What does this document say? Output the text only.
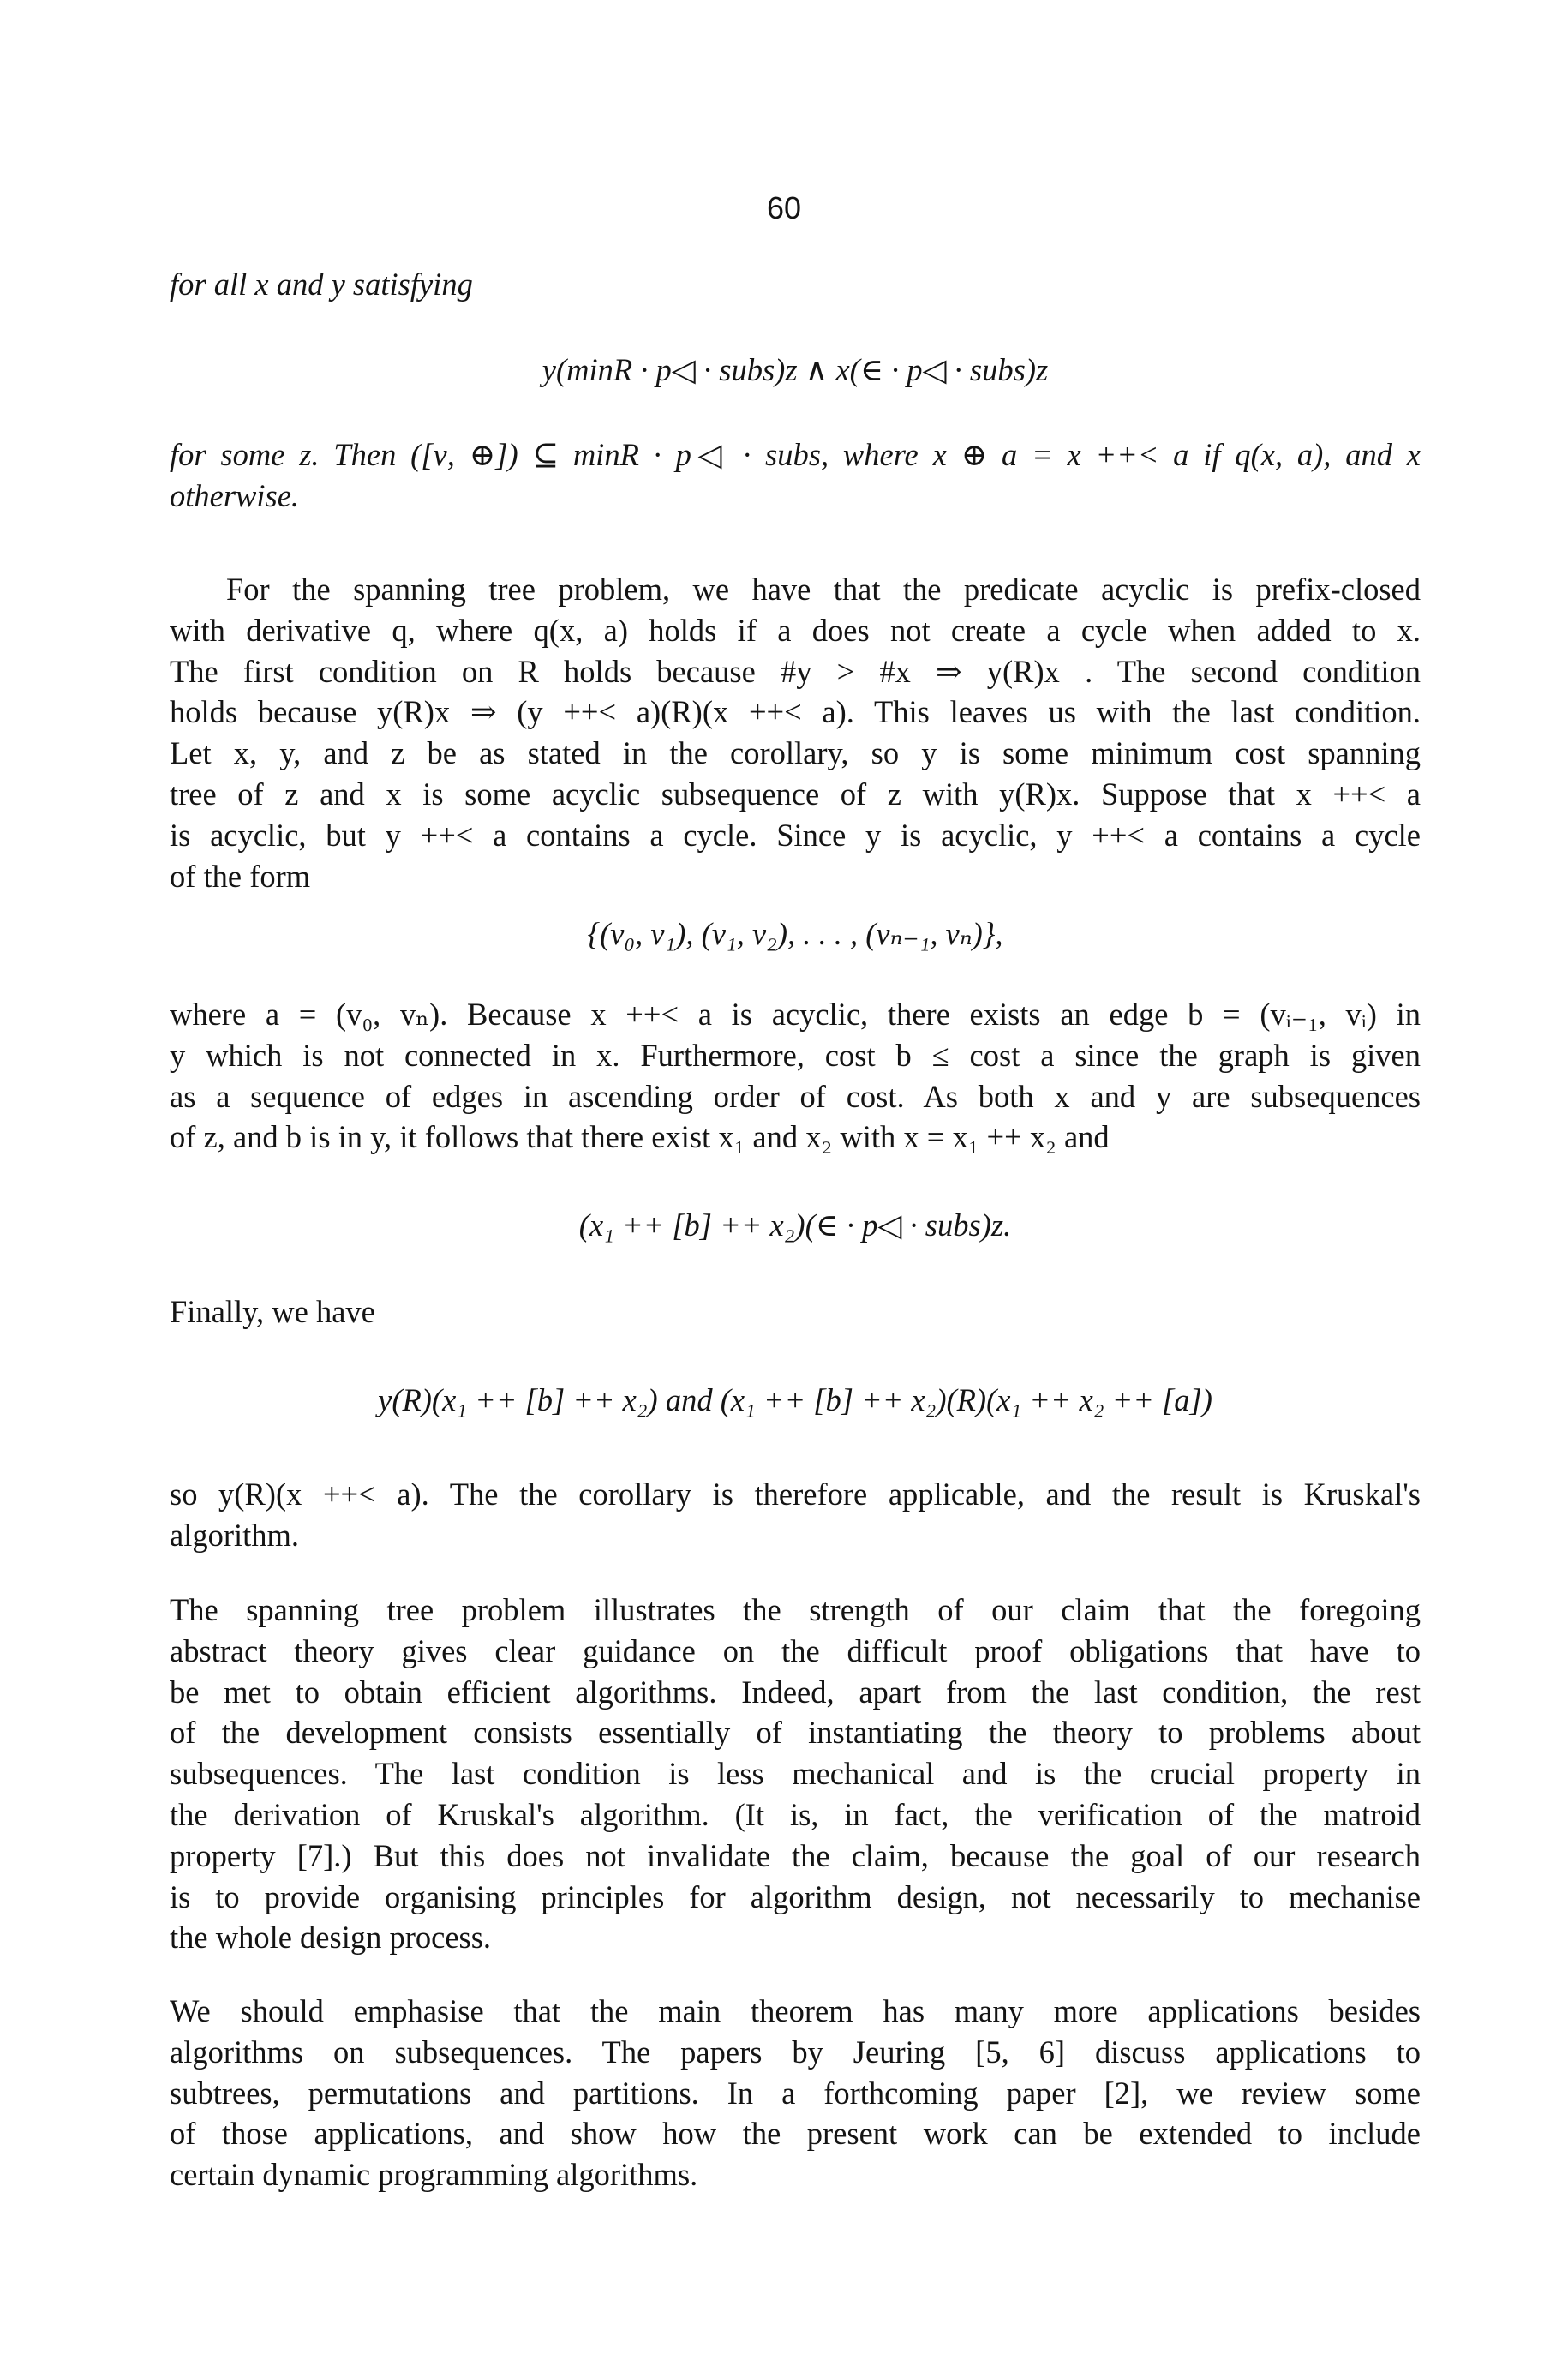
60
for all x and y satisfying
y(minR · p◁ · subs)z ∧ x(∈ · p◁ · subs)z
for some z. Then ([ν, ⊕]) ⊆ minR · p◁ · subs, where x ⊕ a = x ++< a if q(x, a), and x
otherwise.
For the spanning tree problem, we have that the predicate acyclic is prefix-closed
with derivative q, where q(x, a) holds if a does not create a cycle when added to x.
The first condition on R holds because #y > #x ⇒ y(R)x . The second condition
holds because y(R)x ⇒ (y ++< a)(R)(x ++< a). This leaves us with the last condition.
Let x, y, and z be as stated in the corollary, so y is some minimum cost spanning
tree of z and x is some acyclic subsequence of z with y(R)x. Suppose that x ++< a
is acyclic, but y ++< a contains a cycle. Since y is acyclic, y ++< a contains a cycle
of the form
{(v₀, v₁), (v₁, v₂), . . . , (vₙ₋₁, vₙ)},
where a = (v₀, vₙ). Because x ++< a is acyclic, there exists an edge b = (vᵢ₋₁, vᵢ) in
y which is not connected in x. Furthermore, cost b ≤ cost a since the graph is given
as a sequence of edges in ascending order of cost. As both x and y are subsequences
of z, and b is in y, it follows that there exist x₁ and x₂ with x = x₁ ++ x₂ and
(x₁ ++ [b] ++ x₂)(∈ · p◁ · subs)z.
Finally, we have
y(R)(x₁ ++ [b] ++ x₂) and (x₁ ++ [b] ++ x₂)(R)(x₁ ++ x₂ ++ [a])
so y(R)(x ++< a). The the corollary is therefore applicable, and the result is Kruskal's
algorithm.
The spanning tree problem illustrates the strength of our claim that the foregoing
abstract theory gives clear guidance on the difficult proof obligations that have to
be met to obtain efficient algorithms. Indeed, apart from the last condition, the rest
of the development consists essentially of instantiating the theory to problems about
subsequences. The last condition is less mechanical and is the crucial property in
the derivation of Kruskal's algorithm. (It is, in fact, the verification of the matroid
property [7].) But this does not invalidate the claim, because the goal of our research
is to provide organising principles for algorithm design, not necessarily to mechanise
the whole design process.
We should emphasise that the main theorem has many more applications besides
algorithms on subsequences. The papers by Jeuring [5, 6] discuss applications to
subtrees, permutations and partitions. In a forthcoming paper [2], we review some
of those applications, and show how the present work can be extended to include
certain dynamic programming algorithms.
